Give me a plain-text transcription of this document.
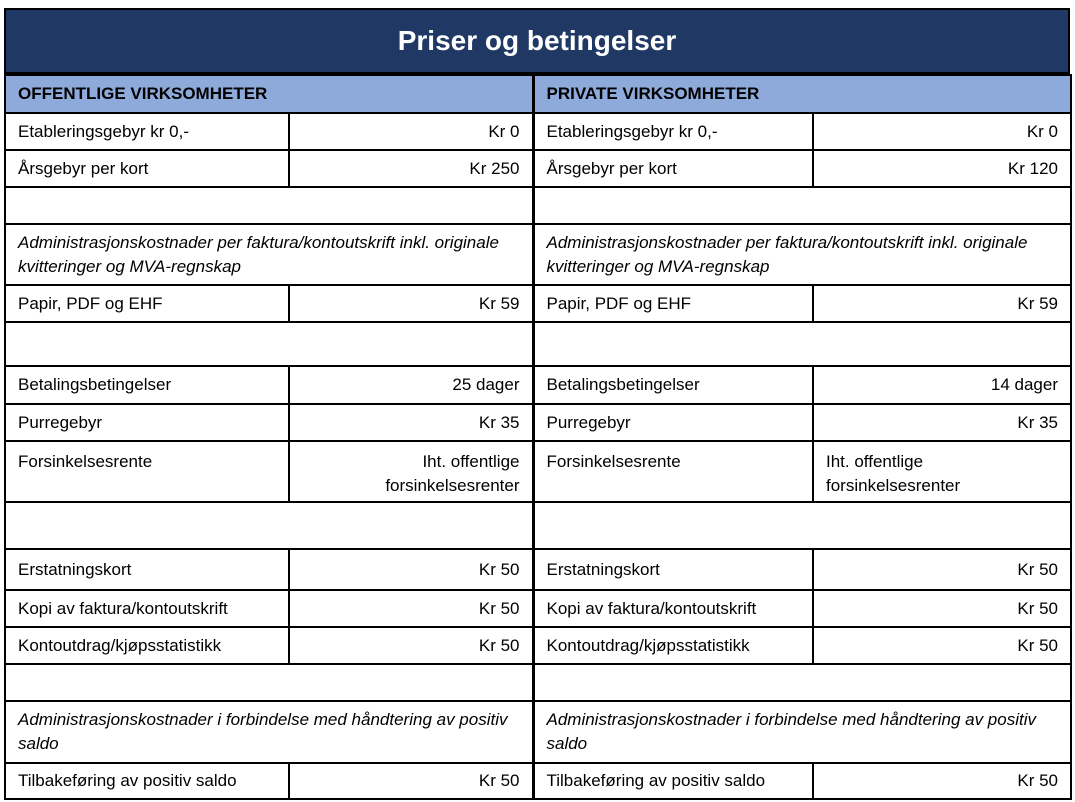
Priser og betingelser
OFFENTLIGE VIRKSOMHETER		PRIVATE VIRKSOMHETER	
Etableringsgebyr kr 0,-	Kr 0	Etableringsgebyr kr 0,-	Kr 0
Årsgebyr per kort	Kr 250	Årsgebyr per kort	Kr 120

Administrasjonskostnader per faktura/kontoutskrift inkl. originale kvitteringer og MVA-regnskap		Administrasjonskostnader per faktura/kontoutskrift inkl. originale kvitteringer og MVA-regnskap	
Papir, PDF og EHF	Kr 59	Papir, PDF og EHF	Kr 59

Betalingsbetingelser	25 dager	Betalingsbetingelser	14 dager
Purregebyr	Kr 35	Purregebyr	Kr 35
Forsinkelsesrente	Iht. offentlige forsinkelsesrenter	Forsinkelsesrente	Iht. offentlige forsinkelsesrenter

Erstatningskort	Kr 50	Erstatningskort	Kr 50
Kopi av faktura/kontoutskrift	Kr 50	Kopi av faktura/kontoutskrift	Kr 50
Kontoutdrag/kjøpsstatistikk	Kr 50	Kontoutdrag/kjøpsstatistikk	Kr 50

Administrasjonskostnader i forbindelse med håndtering av positiv saldo		Administrasjonskostnader i forbindelse med håndtering av positiv saldo	
Tilbakeføring av positiv saldo	Kr 50	Tilbakeføring av positiv saldo	Kr 50
